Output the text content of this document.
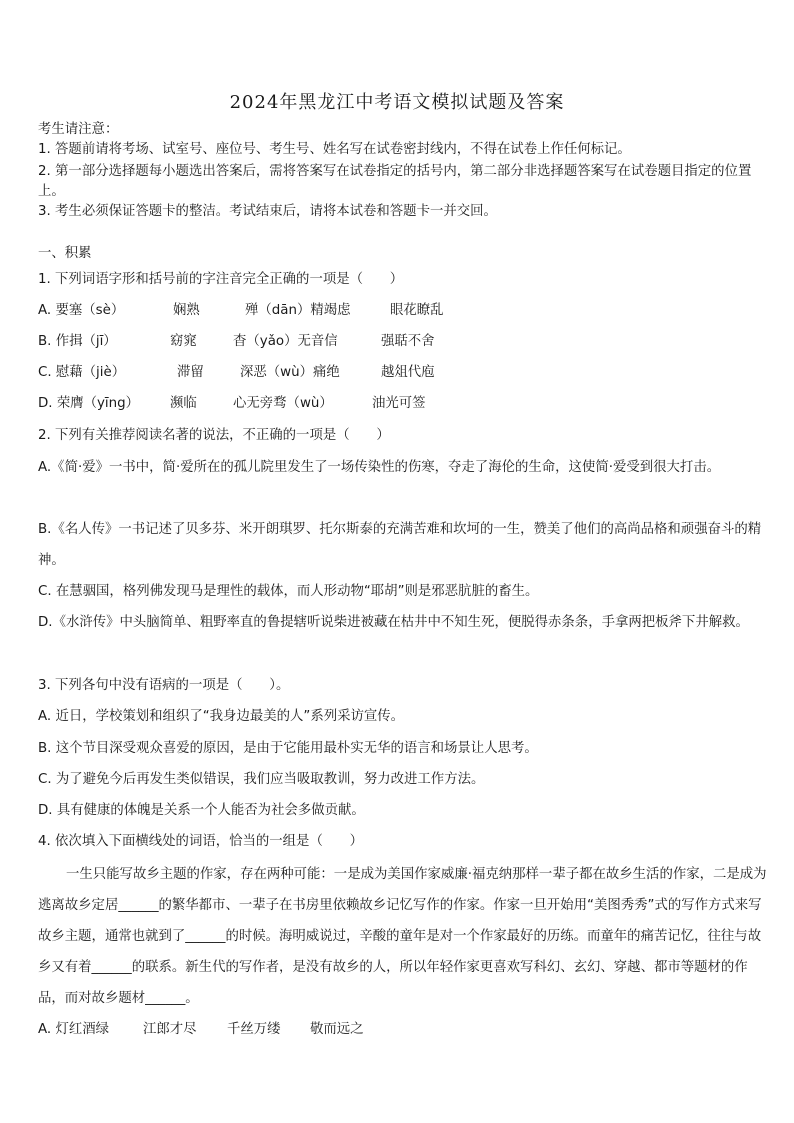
2024年黑龙江中考语文模拟试题及答案
考生请注意：
1. 答题前请将考场、试室号、座位号、考生号、姓名写在试卷密封线内，不得在试卷上作任何标记。
2. 第一部分选择题每小题选出答案后，需将答案写在试卷指定的括号内，第二部分非选择题答案写在试卷题目指定的位置上。
3. 考生必须保证答题卡的整洁。考试结束后，请将本试卷和答题卡一并交回。
一、积累
1. 下列词语字形和括号前的字注音完全正确的一项是（　　）
A. 要塞（sè）	娴熟	殚（dān）精竭虑	眼花瞭乱
B. 作揖（jī）	窈窕	杳（yǎo）无音信	强聒不舍
C. 慰藉（jiè）	滞留	深恶（wù）痛绝	越俎代庖
D. 荣膺（yīng） 濒临	心无旁骛（wù）	油光可签
2. 下列有关推荐阅读名著的说法，不正确的一项是（　　）
A.《简·爱》一书中，简·爱所在的孤儿院里发生了一场传染性的伤寒，夺走了海伦的生命，这使简·爱受到很大打击。
B.《名人传》一书记述了贝多芬、米开朗琪罗、托尔斯泰的充满苦难和坎坷的一生，赞美了他们的高尚品格和顽强奋斗的精神。
C. 在慧骃国，格列佛发现马是理性的载体，而人形动物“耶胡”则是邪恶肮脏的畜生。
D.《水浒传》中头脑简单、粗野率直的鲁提辖听说柴进被藏在枯井中不知生死，便脱得赤条条，手拿两把板斧下井解救。
3. 下列各句中没有语病的一项是（　　）。
A. 近日，学校策划和组织了“我身边最美的人”系列采访宣传。
B. 这个节目深受观众喜爱的原因，是由于它能用最朴实无华的语言和场景让人思考。
C. 为了避免今后再发生类似错误，我们应当吸取教训，努力改进工作方法。
D. 具有健康的体魄是关系一个人能否为社会多做贡献。
4. 依次填入下面横线处的词语，恰当的一组是（　　）
一生只能写故乡主题的作家，存在两种可能：一是成为美国作家威廉·福克纳那样一辈子都在故乡生活的作家，二是成为逃离故乡定居______的繁华都市、一辈子在书房里依赖故乡记忆写作的作家。作家一旦开始用“美图秀秀”式的写作方式来写故乡主题，通常也就到了______的时候。海明威说过，辛酸的童年是对一个作家最好的历练。而童年的痛苦记忆，往往与故乡又有着______的联系。新生代的写作者，是没有故乡的人，所以年轻作家更喜欢写科幻、玄幻、穿越、都市等题材的作品，而对故乡题材______。
A. 灯红酒绿	江郎才尽 千丝万缕 敬而远之
